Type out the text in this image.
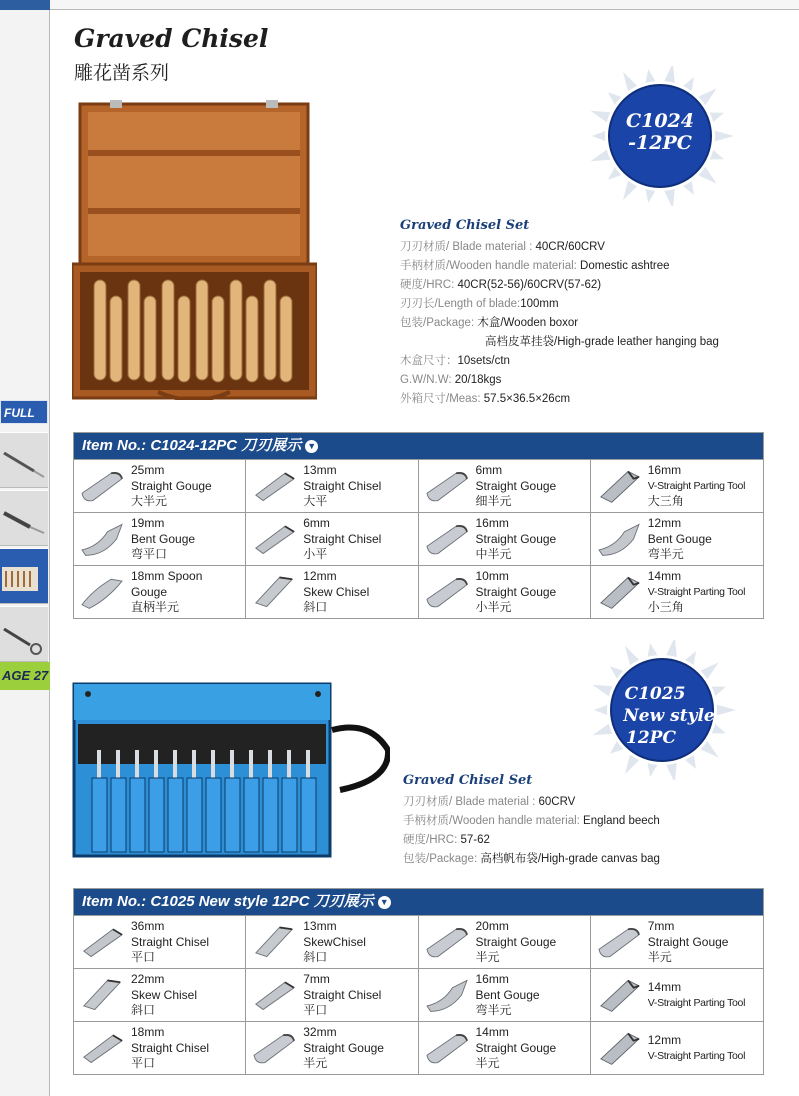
FULL
AGE 27
Graved Chisel
雕花凿系列
C1024
-12PC
Graved Chisel Set
刀刃材质/ Blade material : 40CR/60CRV
手柄材质/Wooden handle material: Domestic ashtree
硬度/HRC: 40CR(52-56)/60CRV(57-62)
刃刃长/Length of blade:100mm
包装/Package: 木盒/Wooden boxor
高档皮革挂袋/High-grade leather hanging bag
木盒尺寸：10sets/ctn
G.W/N.W: 20/18kgs
外箱尺寸/Meas: 57.5×36.5×26cm
Item No.: C1024-12PC 刀刃展示 ▼
25mm
Straight Gouge
大半元
13mm
Straight Chisel
大平
6mm
Straight Gouge
细半元
16mm
V-Straight Parting Tool
大三角
19mm
Bent Gouge
弯平口
6mm
Straight Chisel
小平
16mm
Straight Gouge
中半元
12mm
Bent Gouge
弯半元
18mm Spoon
Gouge
直柄半元
12mm
Skew Chisel
斜口
10mm
Straight Gouge
小半元
14mm
V-Straight Parting Tool
小三角
C1025
New style
12PC
Graved Chisel Set
刀刃材质/ Blade material : 60CRV
手柄材质/Wooden handle material: England beech
硬度/HRC: 57-62
包装/Package: 高档帆布袋/High-grade canvas bag
Item No.: C1025 New style 12PC 刀刃展示 ▼
36mm
Straight Chisel
平口
13mm
SkewChisel
斜口
20mm
Straight Gouge
半元
7mm
Straight Gouge
半元
22mm
Skew Chisel
斜口
7mm
Straight Chisel
平口
16mm
Bent Gouge
弯半元
14mm
V-Straight Parting Tool
18mm
Straight Chisel
平口
32mm
Straight Gouge
半元
14mm
Straight Gouge
半元
12mm
V-Straight Parting Tool
